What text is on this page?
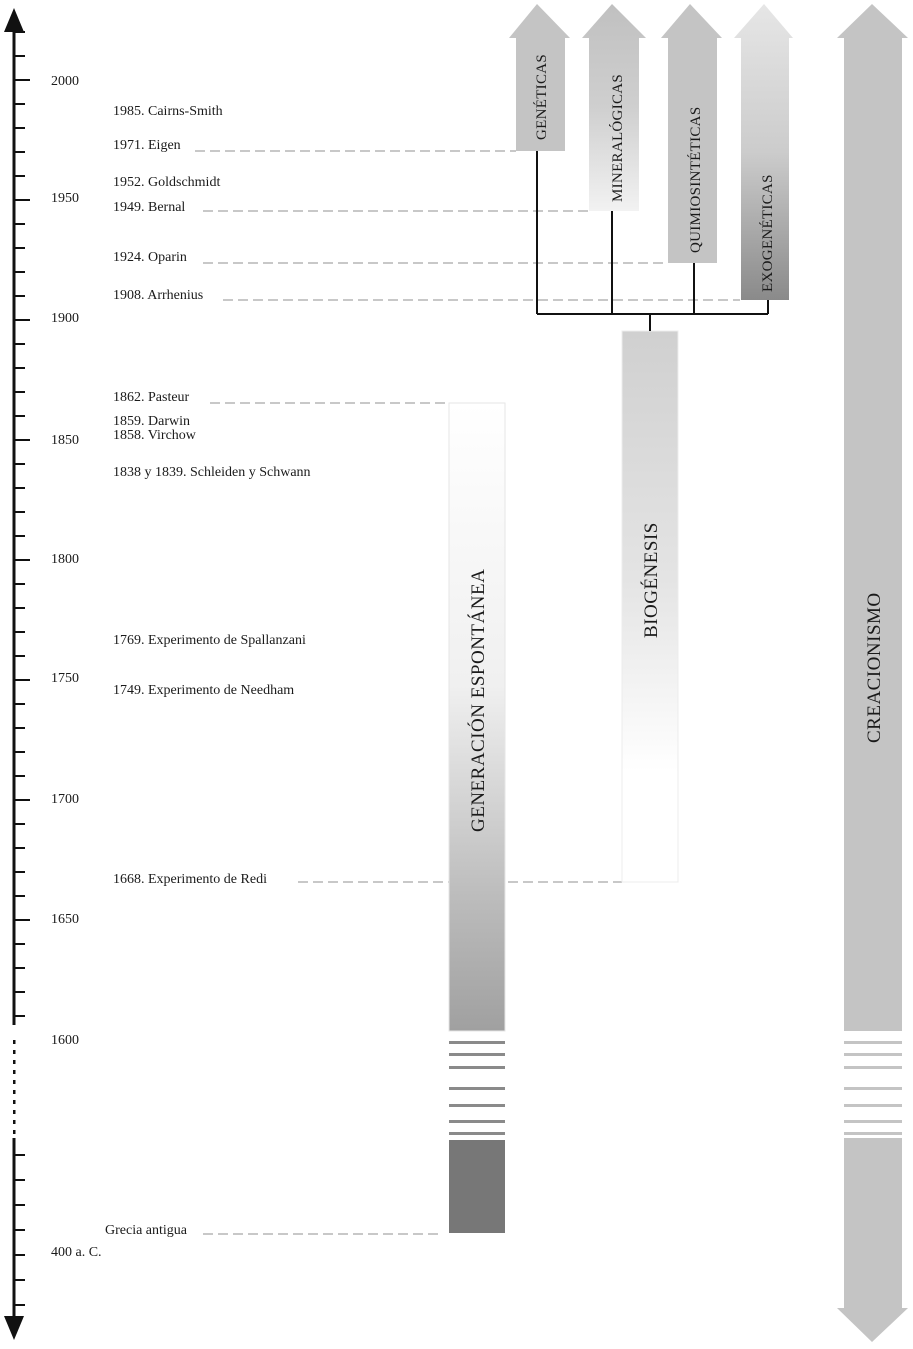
2000
1950
1900
1850
1800
1750
1700
1650
1600
400 a. C.
1985. Cairns-Smith
1971. Eigen
1952. Goldschmidt
1949. Bernal
1924. Oparin
1908. Arrhenius
1862. Pasteur
1859. Darwin
1858. Virchow
1838 y 1839. Schleiden y Schwann
1769. Experimento de Spallanzani
1749. Experimento de Needham
1668. Experimento de Redi
Grecia antigua
GENERACIÓN ESPONTÁNEA	BIOGÉNESIS
GENÉTICAS	MINERALÓGICAS	QUIMIOSINTÉTICAS	EXOGENÉTICAS
CREACIONISMO
